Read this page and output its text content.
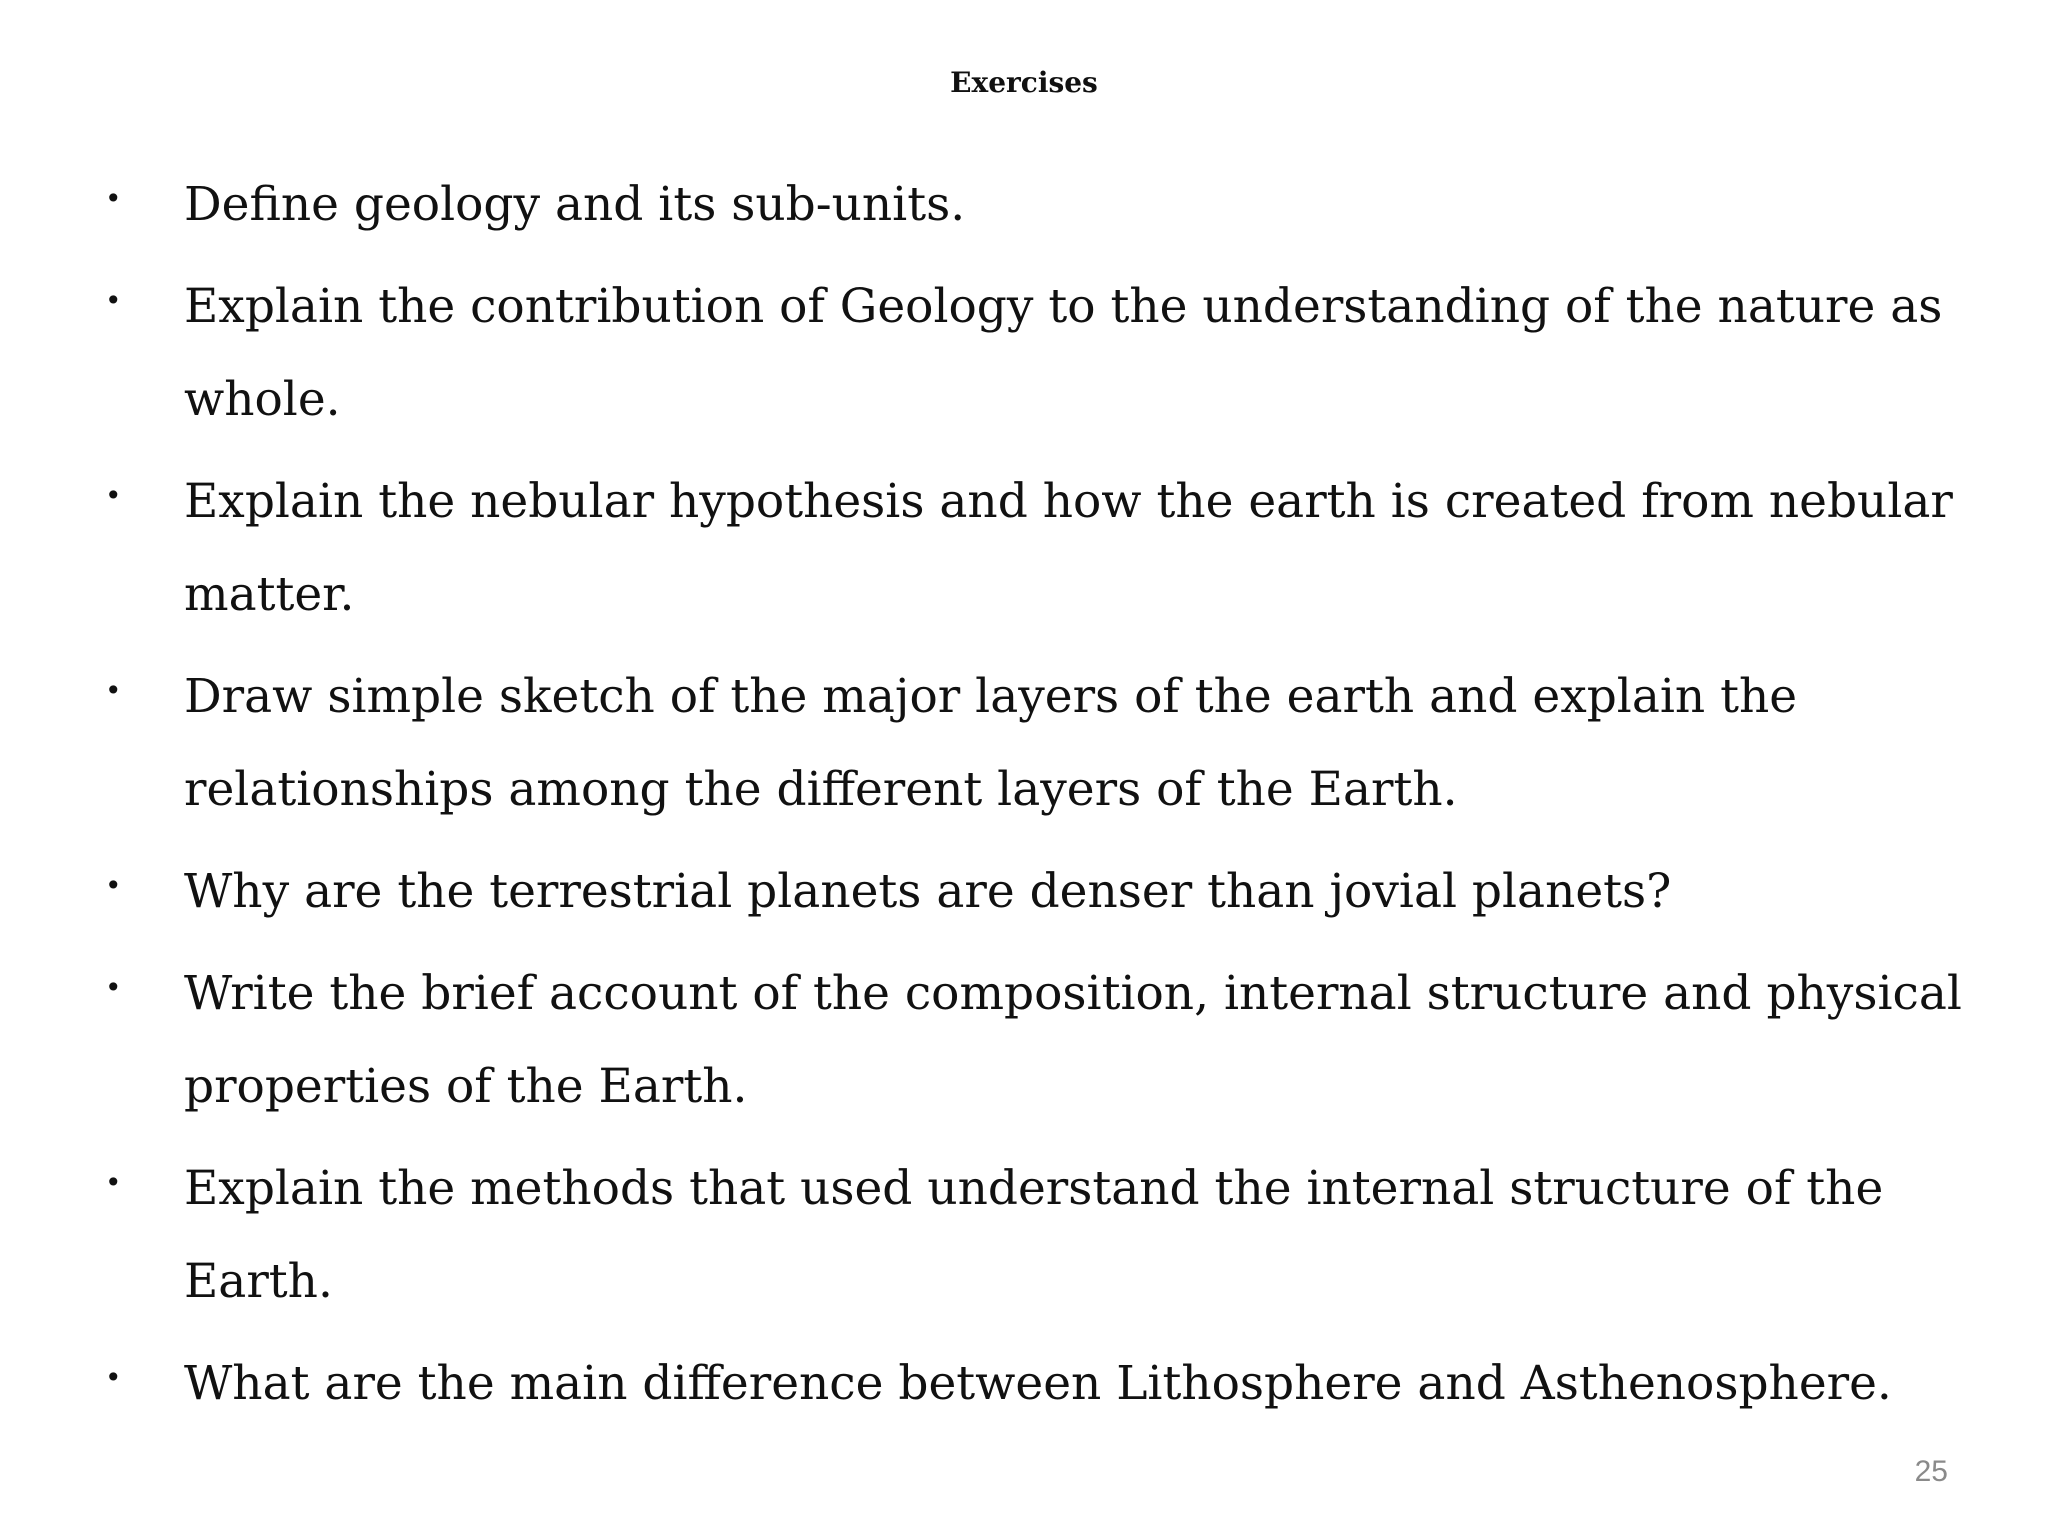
Exercises
• Define geology and its sub-units.
• Explain the contribution of Geology to the understanding of the nature as whole.
• Explain the nebular hypothesis and how the earth is created from nebular matter.
• Draw simple sketch of the major layers of the earth and explain the relationships among the different layers of the Earth.
• Why are the terrestrial planets are denser than jovial planets?
• Write the brief account of the composition, internal structure and physical properties of the Earth.
• Explain the methods that used understand the internal structure of the Earth.
• What are the main difference between Lithosphere and Asthenosphere.
25
